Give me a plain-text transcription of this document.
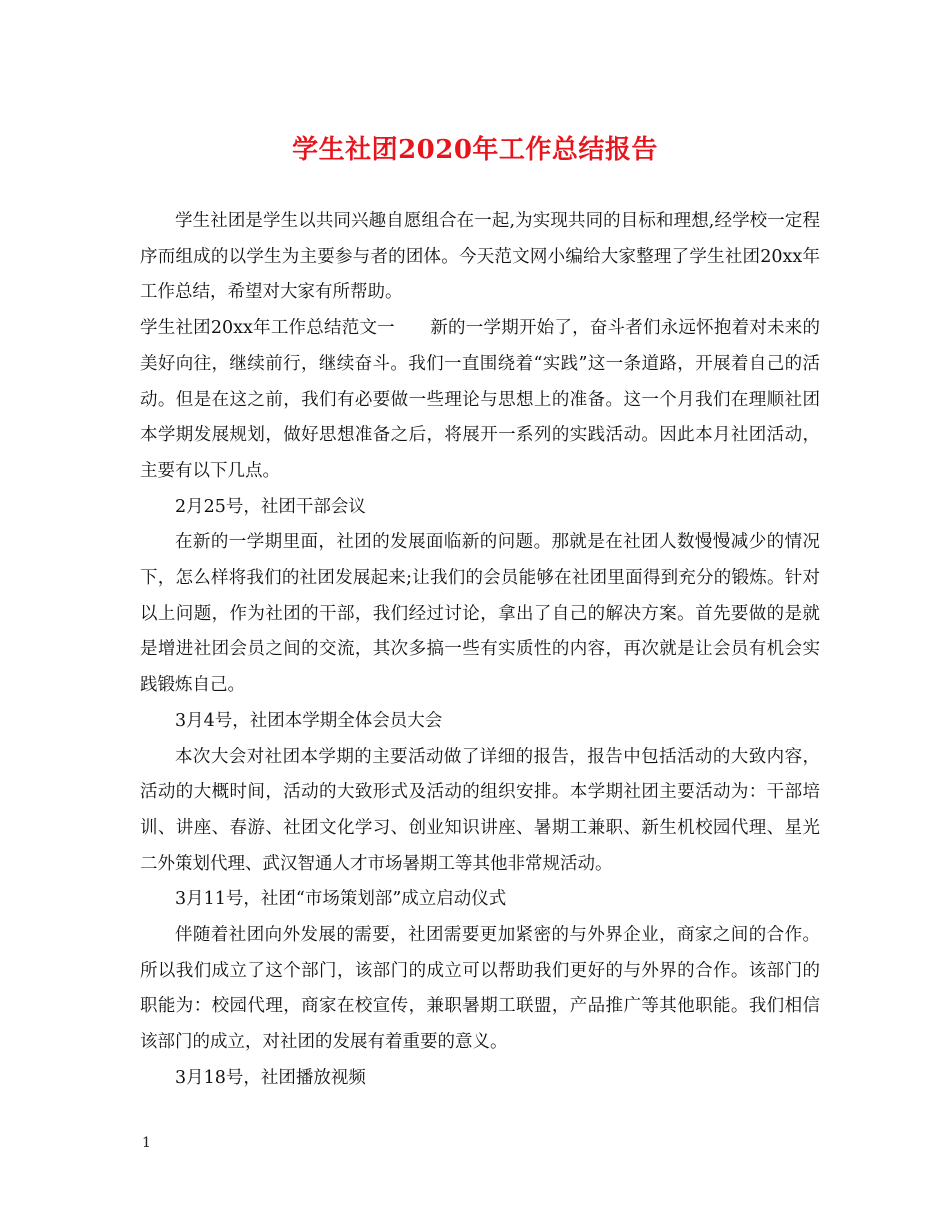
学生社团2020年工作总结报告

学生社团是学生以共同兴趣自愿组合在一起,为实现共同的目标和理想,经学校一定程序而组成的以学生为主要参与者的团体。今天范文网小编给大家整理了学生社团20xx年工作总结，希望对大家有所帮助。

学生社团20xx年工作总结范文一　　新的一学期开始了，奋斗者们永远怀抱着对未来的美好向往，继续前行，继续奋斗。我们一直围绕着“实践”这一条道路，开展着自己的活动。但是在这之前，我们有必要做一些理论与思想上的准备。这一个月我们在理顺社团本学期发展规划，做好思想准备之后，将展开一系列的实践活动。因此本月社团活动，主要有以下几点。

2月25号，社团干部会议

在新的一学期里面，社团的发展面临新的问题。那就是在社团人数慢慢减少的情况下，怎么样将我们的社团发展起来;让我们的会员能够在社团里面得到充分的锻炼。针对以上问题，作为社团的干部，我们经过讨论，拿出了自己的解决方案。首先要做的是就是增进社团会员之间的交流，其次多搞一些有实质性的内容，再次就是让会员有机会实践锻炼自己。

3月4号，社团本学期全体会员大会

本次大会对社团本学期的主要活动做了详细的报告，报告中包括活动的大致内容，活动的大概时间，活动的大致形式及活动的组织安排。本学期社团主要活动为：干部培训、讲座、春游、社团文化学习、创业知识讲座、暑期工兼职、新生机校园代理、星光二外策划代理、武汉智通人才市场暑期工等其他非常规活动。

3月11号，社团“市场策划部”成立启动仪式

伴随着社团向外发展的需要，社团需要更加紧密的与外界企业，商家之间的合作。所以我们成立了这个部门，该部门的成立可以帮助我们更好的与外界的合作。该部门的职能为：校园代理，商家在校宣传，兼职暑期工联盟，产品推广等其他职能。我们相信该部门的成立，对社团的发展有着重要的意义。

3月18号，社团播放视频

1
